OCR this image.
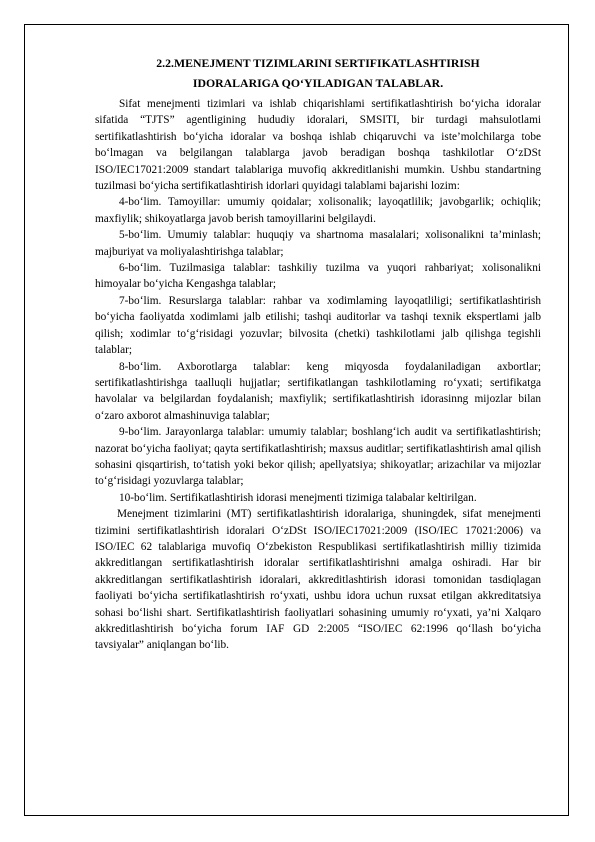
2.2.MENEJMENT TIZIMLARINI SERTIFIKATLASHTIRISH
IDORALARIGA QO‘YILADIGAN TALABLAR.

Sifat menejmenti tizimlari va ishlab chiqarishlami sertifikatlashtirish bo‘yicha idoralar sifatida “TJTS” agentligining hududiy idoralari, SMSITI, bir turdagi mahsulotlami sertifikatlashtirish bo‘yicha idoralar va boshqa ishlab chiqaruvchi va iste’molchilarga tobe bo‘lmagan va belgilangan talablarga javob beradigan boshqa tashkilotlar O‘zDSt ISO/IEC17021:2009 standart talablariga muvofiq akkreditlanishi mumkin. Ushbu standartning tuzilmasi bo‘yicha sertifikatlashtirish idorlari quyidagi talablami bajarishi lozim:

4-bo‘lim. Tamoyillar: umumiy qoidalar; xolisonalik; layoqatlilik; javobgarlik; ochiqlik; maxfiylik; shikoyatlarga javob berish tamoyillarini belgilaydi.

5-bo‘lim. Umumiy talablar: huquqiy va shartnoma masalalari; xolisonalikni ta’minlash; majburiyat va moliyalashtirishga talablar;

6-bo‘lim. Tuzilmasiga talablar: tashkiliy tuzilma va yuqori rahbariyat; xolisonalikni himoyalar bo‘yicha Kengashga talablar;

7-bo‘lim. Resurslarga talablar: rahbar va xodimlaming layoqatliligi; sertifikatlashtirish bo‘yicha faoliyatda xodimlami jalb etilishi; tashqi auditorlar va tashqi texnik ekspertlami jalb qilish; xodimlar to‘g‘risidagi yozuvlar; bilvosita (chetki) tashkilotlami jalb qilishga tegishli talablar;

8-bo‘lim. Axborotlarga talablar: keng miqyosda foydalaniladigan axbortlar; sertifikatlashtirishga taalluqli hujjatlar; sertifikatlangan tashkilotlaming ro‘yxati; sertifikatga havolalar va belgilardan foydalanish; maxfiylik; sertifikatlashtirish idorasinng mijozlar bilan o‘zaro axborot almashinuviga talablar;

9-bo‘lim. Jarayonlarga talablar: umumiy talablar; boshlang‘ich audit va sertifikatlashtirish; nazorat bo‘yicha faoliyat; qayta sertifikatlashtirish; maxsus auditlar; sertifikatlashtirish amal qilish sohasini qisqartirish, to‘tatish yoki bekor qilish; apellyatsiya; shikoyatlar; arizachilar va mijozlar to‘g‘risidagi yozuvlarga talablar;

10-bo‘lim. Sertifikatlashtirish idorasi menejmenti tizimiga talabalar keltirilgan.

Menejment tizimlarini (MT) sertifikatlashtirish idoralariga, shuningdek, sifat menejmenti tizimini sertifikatlashtirish idoralari O‘zDSt ISO/IEC17021:2009 (ISO/IEC 17021:2006) va ISO/IEC 62 talablariga muvofiq O‘zbekiston Respublikasi sertifikatlashtirish milliy tizimida akkreditlangan sertifikatlashtirish idoralar sertifikatlashtirishni amalga oshiradi. Har bir akkreditlangan sertifikatlashtirish idoralari, akkreditlashtirish idorasi tomonidan tasdiqlagan faoliyati bo‘yicha sertifikatlashtirish ro‘yxati, ushbu idora uchun ruxsat etilgan akkreditatsiya sohasi bo‘lishi shart. Sertifikatlashtirish faoliyatlari sohasining umumiy ro‘yxati, ya’ni Xalqaro akkreditlashtirish bo‘yicha forum IAF GD 2:2005 “ISO/IEC 62:1996 qo‘llash bo‘yicha tavsiyalar” aniqlangan bo‘lib.
